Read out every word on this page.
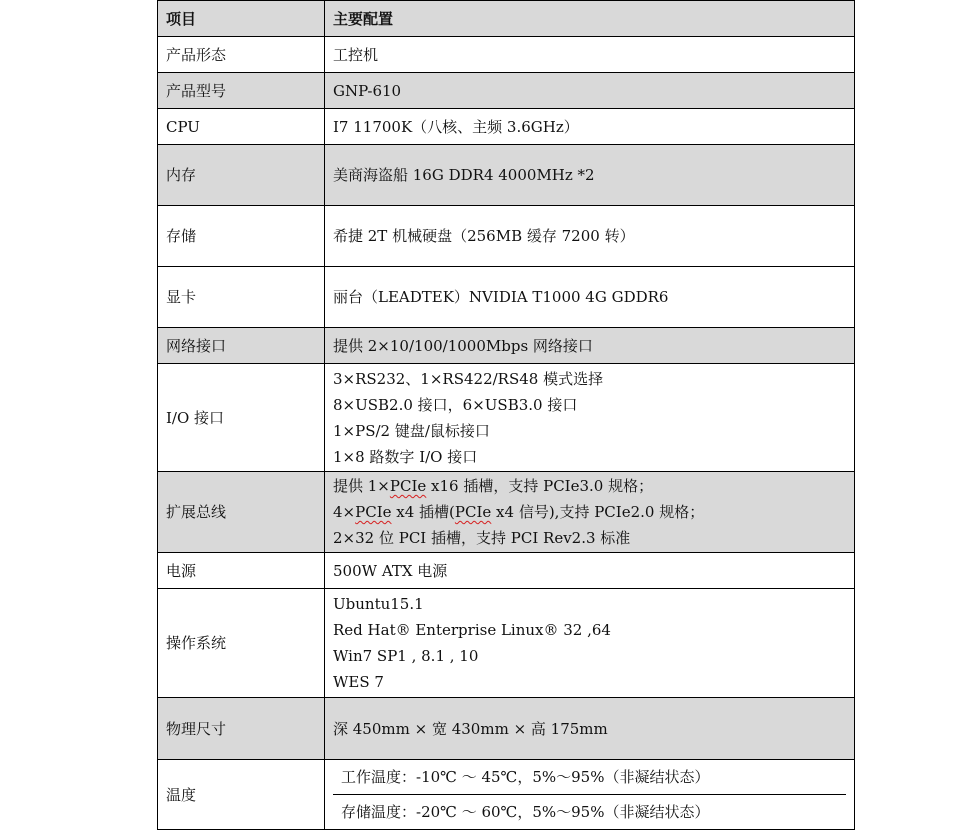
项目	主要配置
产品形态	工控机
产品型号	GNP-610
CPU	I7 11700K（八核、主频 3.6GHz）
内存	美商海盗船 16G DDR4 4000MHz *2
存储	希捷 2T 机械硬盘（256MB 缓存 7200 转）
显卡	丽台（LEADTEK）NVIDIA T1000 4G GDDR6
网络接口	提供 2×10/100/1000Mbps 网络接口
I/O 接口	3×RS232、1×RS422/RS48 模式选择
8×USB2.0 接口，6×USB3.0 接口
1×PS/2 键盘/鼠标接口
1×8 路数字 I/O 接口

扩展总线	提供 1×PCIe x16 插槽，支持 PCIe3.0 规格；
4×PCIe x4 插槽(PCIe x4 信号),支持 PCIe2.0 规格；
2×32 位 PCI 插槽，支持 PCI Rev2.3 标准

电源	500W ATX 电源
操作系统	Ubuntu15.1
Red Hat® Enterprise Linux® 32 ,64
Win7 SP1 , 8.1 , 10
WES 7

物理尺寸	深 450mm × 宽 430mm × 高 175mm
温度	工作温度：-10℃ ～ 45℃，5%～95%（非凝结状态）
存储温度：-20℃ ～ 60℃，5%～95%（非凝结状态）
